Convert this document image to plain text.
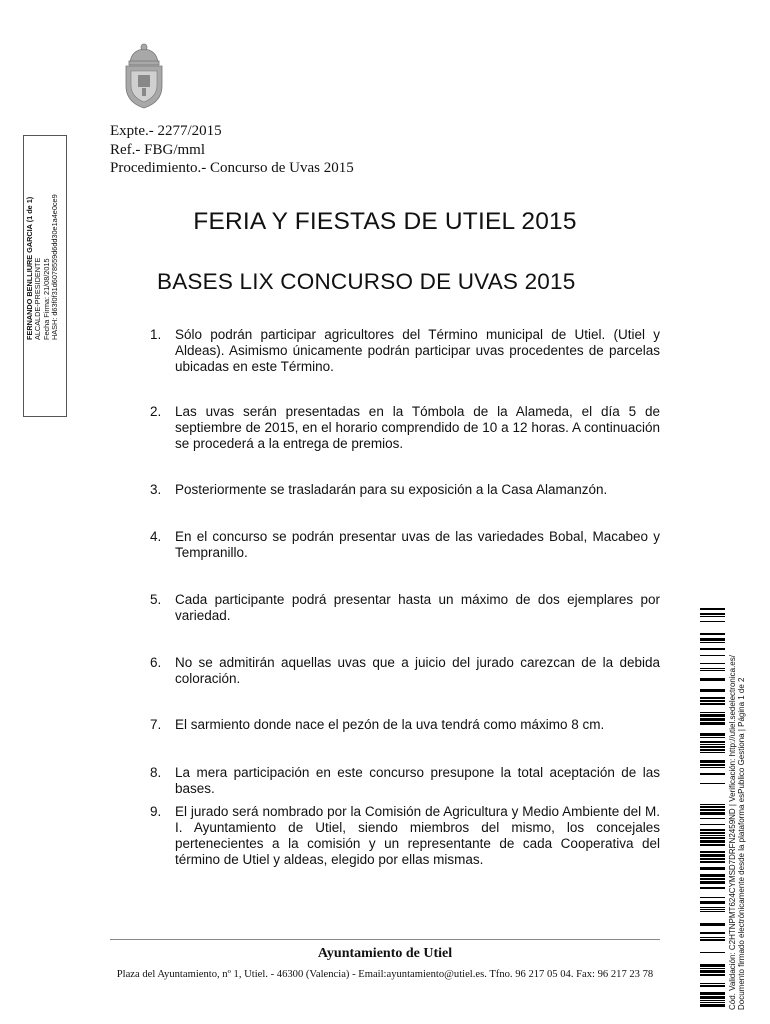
Expte.- 2277/2015
Ref.- FBG/mml
Procedimiento.- Concurso de Uvas 2015
FERNANDO BENLLIURE GARCIA (1 de 1) ALCALDE-PRESIDENTE Fecha Firma: 21/08/2015 HASH: d63f0f31d6078559d6dd30e1a4e0ce9	FERIA Y FIESTAS DE UTIEL 2015
BASES LIX CONCURSO DE UVAS 2015
1. Sólo podrán participar agricultores del Término municipal de Utiel. (Utiel y Aldeas). Asimismo únicamente podrán participar uvas procedentes de parcelas ubicadas en este Término.
2. Las uvas serán presentadas en la Tómbola de la Alameda, el día 5 de septiembre de 2015, en el horario comprendido de 10 a 12 horas. A continuación se procederá a la entrega de premios.
3. Posteriormente se trasladarán para su exposición a la Casa Alamanzón.
4. En el concurso se podrán presentar uvas de las variedades Bobal, Macabeo y Tempranillo.
5. Cada participante podrá presentar hasta un máximo de dos ejemplares por variedad.
6. No se admitirán aquellas uvas que a juicio del jurado carezcan de la debida coloración.
7. El sarmiento donde nace el pezón de la uva tendrá como máximo 8 cm.
8. La mera participación en este concurso presupone la total aceptación de las bases.
9. El jurado será nombrado por la Comisión de Agricultura y Medio Ambiente del M. I. Ayuntamiento de Utiel, siendo miembros del mismo, los concejales pertenecientes a la comisión y un representante de cada Cooperativa del término de Utiel y aldeas, elegido por ellas mismas.	Cód. Validación: C2HTNPMT624CYMSD7DRFN2459ND | Verificación: http://utiel.sedelectronica.es/ Documento firmado electrónicamente desde la plataforma esPublico Gestiona | Página 1 de 2
Ayuntamiento de Utiel
Plaza del Ayuntamiento, nº 1, Utiel. - 46300 (Valencia) - Email:ayuntamiento@utiel.es. Tfno. 96 217 05 04. Fax: 96 217 23 78
